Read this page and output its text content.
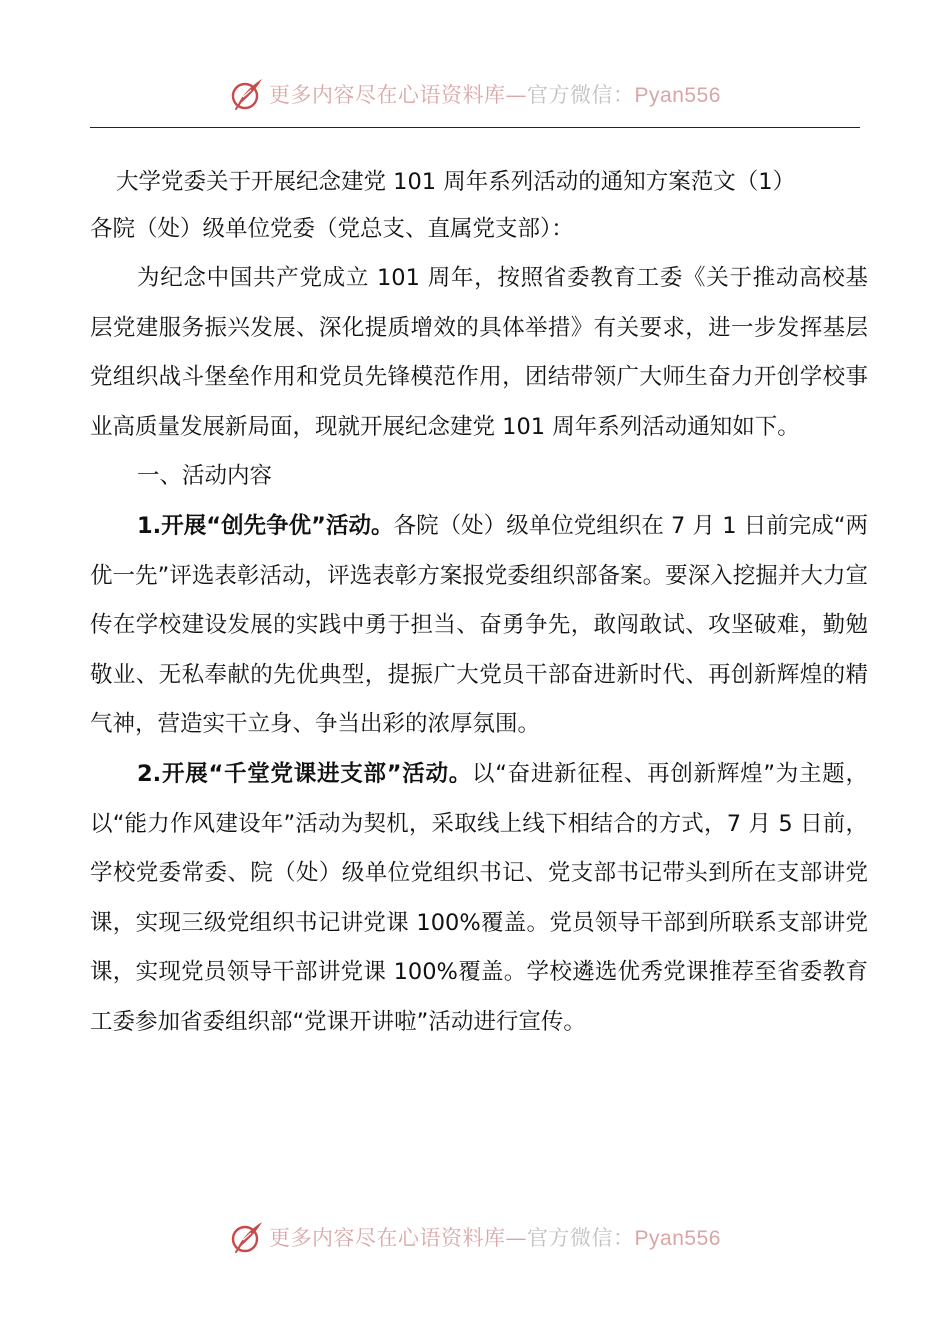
更多内容尽在心语资料库—官方微信：Pyan556
大学党委关于开展纪念建党 101 周年系列活动的通知方案范文（1）

各院（处）级单位党委（党总支、直属党支部）：

为纪念中国共产党成立 101 周年，按照省委教育工委《关于推动高校基层党建服务振兴发展、深化提质增效的具体举措》有关要求，进一步发挥基层党组织战斗堡垒作用和党员先锋模范作用，团结带领广大师生奋力开创学校事业高质量发展新局面，现就开展纪念建党 101 周年系列活动通知如下。

一、活动内容

1.开展“创先争优”活动。各院（处）级单位党组织在 7 月 1 日前完成“两优一先”评选表彰活动，评选表彰方案报党委组织部备案。要深入挖掘并大力宣传在学校建设发展的实践中勇于担当、奋勇争先，敢闯敢试、攻坚破难，勤勉敬业、无私奉献的先优典型，提振广大党员干部奋进新时代、再创新辉煌的精气神，营造实干立身、争当出彩的浓厚氛围。

2.开展“千堂党课进支部”活动。以“奋进新征程、再创新辉煌”为主题，以“能力作风建设年”活动为契机，采取线上线下相结合的方式，7 月 5 日前，学校党委常委、院（处）级单位党组织书记、党支部书记带头到所在支部讲党课，实现三级党组织书记讲党课 100%覆盖。党员领导干部到所联系支部讲党课，实现党员领导干部讲党课 100%覆盖。学校遴选优秀党课推荐至省委教育工委参加省委组织部“党课开讲啦”活动进行宣传。

更多内容尽在心语资料库—官方微信：Pyan556
